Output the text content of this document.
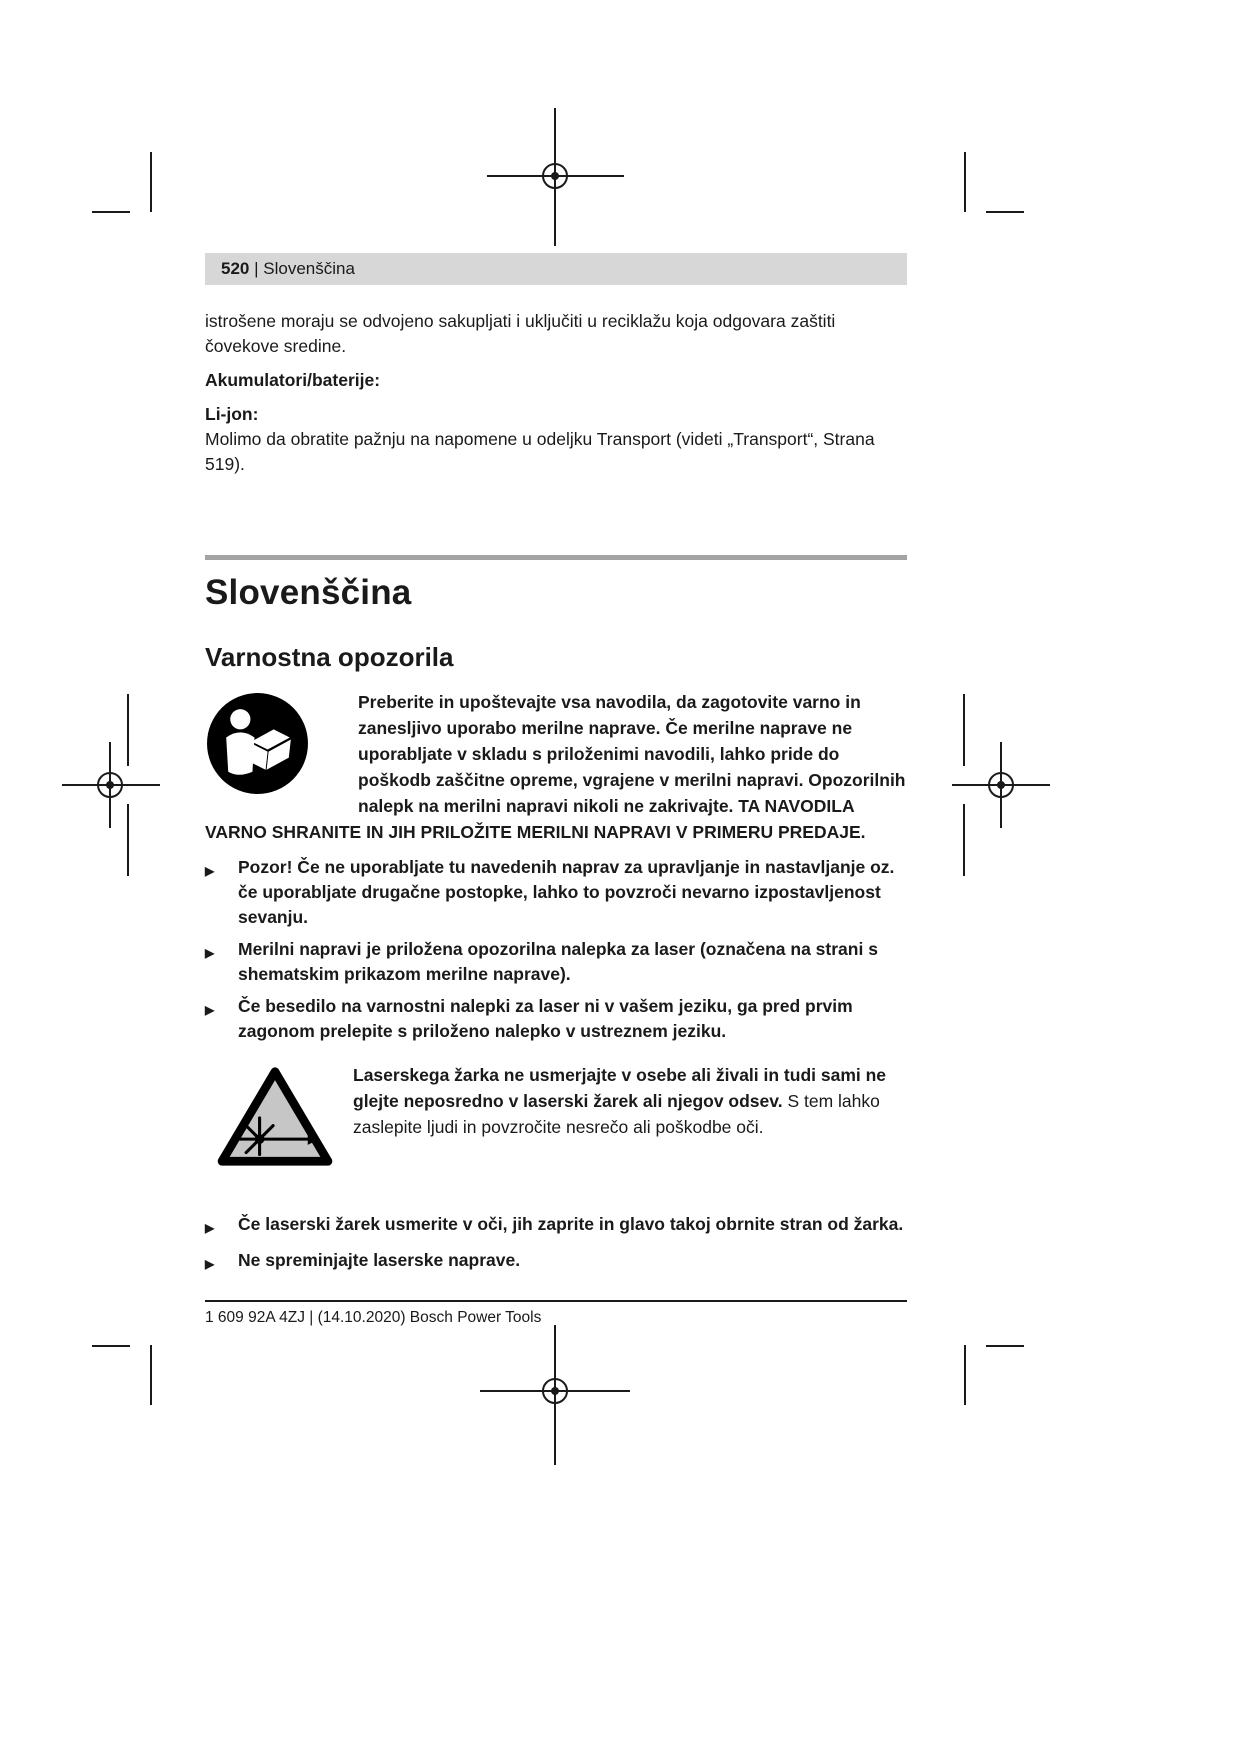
520 | Slovenščina

istrošene moraju se odvojeno sakupljati i uključiti u reciklažu koja odgovara zaštiti čovekove sredine.

Akumulatori/baterije:

Li-jon:

Molimo da obratite pažnju na napomene u odeljku Transport (videti „Transport“, Strana 519).

Slovenščina
Varnostna opozorila

Preberite in upoštevajte vsa navodila, da zagotovite varno in zanesljivo uporabo merilne naprave. Če merilne naprave ne uporabljate v skladu s priloženimi navodili, lahko pride do poškodb zaščitne opreme, vgrajene v merilni napravi. Opozorilnih nalepk na merilni napravi nikoli ne zakrivajte. TA NAVODILA VARNO SHRANITE IN JIH PRILOŽITE MERILNI NAPRAVI V PRIMERU PREDAJE.

▶	Pozor! Če ne uporabljate tu navedenih naprav za upravljanje in nastavljanje oz. če uporabljate drugačne postopke, lahko to povzroči nevarno izpostavljenost sevanju.
▶	Merilni napravi je priložena opozorilna nalepka za laser (označena na strani s shematskim prikazom merilne naprave).
▶	Če besedilo na varnostni nalepki za laser ni v vašem jeziku, ga pred prvim zagonom prelepite s priloženo nalepko v ustreznem jeziku.

Laserskega žarka ne usmerjajte v osebe ali živali in tudi sami ne glejte neposredno v laserski žarek ali njegov odsev. S tem lahko zaslepite ljudi in povzročite nesrečo ali poškodbe oči.

▶	Če laserski žarek usmerite v oči, jih zaprite in glavo takoj obrnite stran od žarka.
▶	Ne spreminjajte laserske naprave.
1 609 92A 4ZJ | (14.10.2020) Bosch Power Tools
